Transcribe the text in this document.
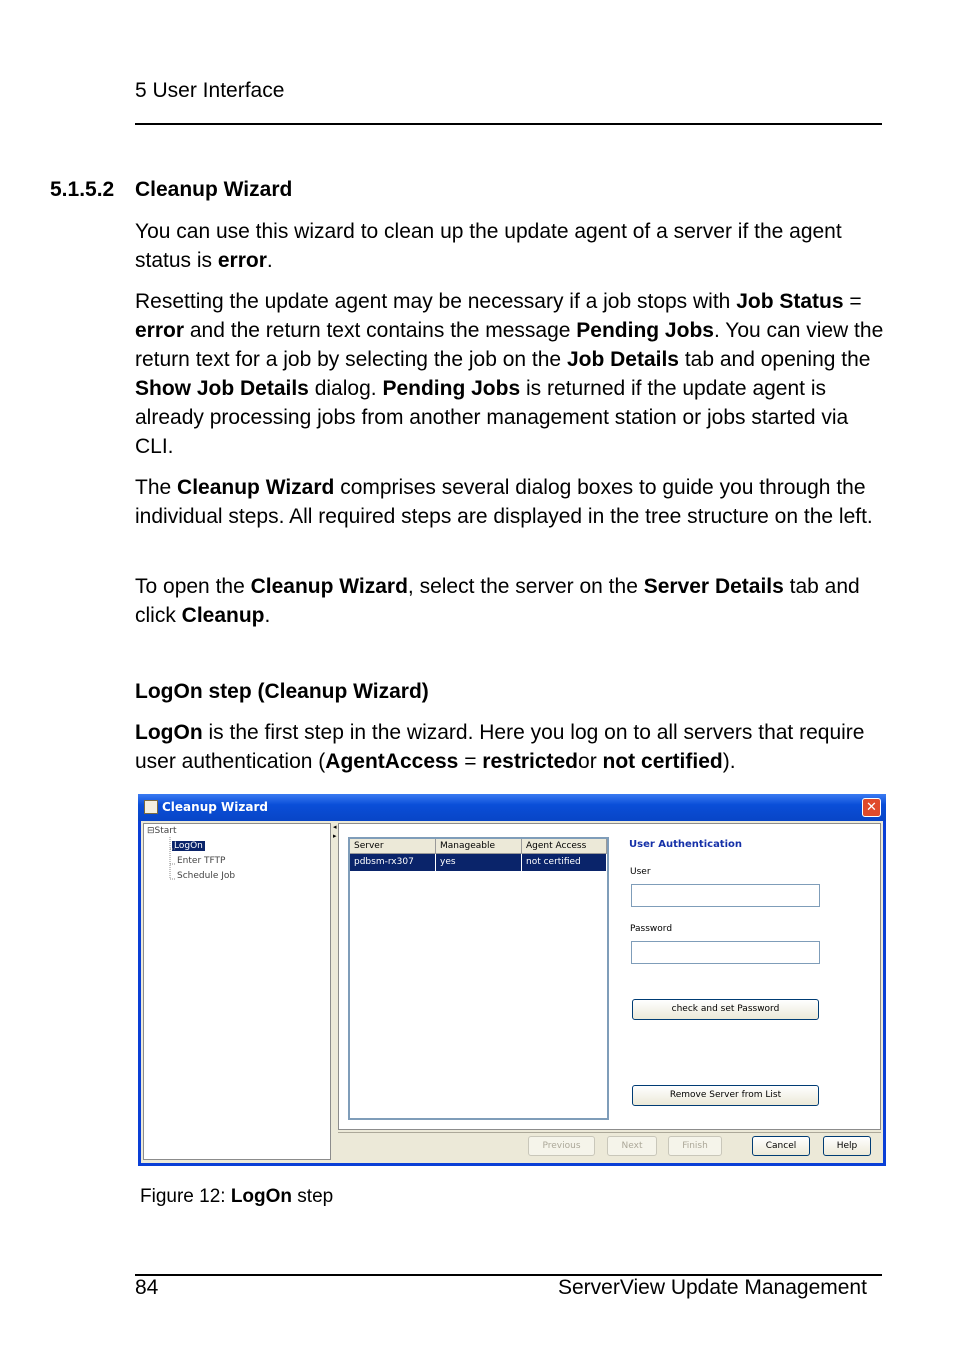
5 User Interface
5.1.5.2 Cleanup Wizard
You can use this wizard to clean up the update agent of a server if the agent status is error.
Resetting the update agent may be necessary if a job stops with Job Status = error and the return text contains the message Pending Jobs. You can view the return text for a job by selecting the job on the Job Details tab and opening the Show Job Details dialog. Pending Jobs is returned if the update agent is already processing jobs from another management station or jobs started via CLI.
The Cleanup Wizard comprises several dialog boxes to guide you through the individual steps. All required steps are displayed in the tree structure on the left.
To open the Cleanup Wizard, select the server on the Server Details tab and click Cleanup.
LogOn step (Cleanup Wizard)
LogOn is the first step in the wizard. Here you log on to all servers that require user authentication (AgentAccess = restrictedor not certified).
Cleanup Wizard	✕
⊟Start
LogOn
Enter TFTP
Schedule Job
◂
▸
Server	Manageable	Agent Access
pdbsm-rx307	yes	not certified
User Authentication
User
Password
check and set Password
Remove Server from List
Previous	Next	Finish	Cancel	Help
Figure 12: LogOn step
84	ServerView Update Management
